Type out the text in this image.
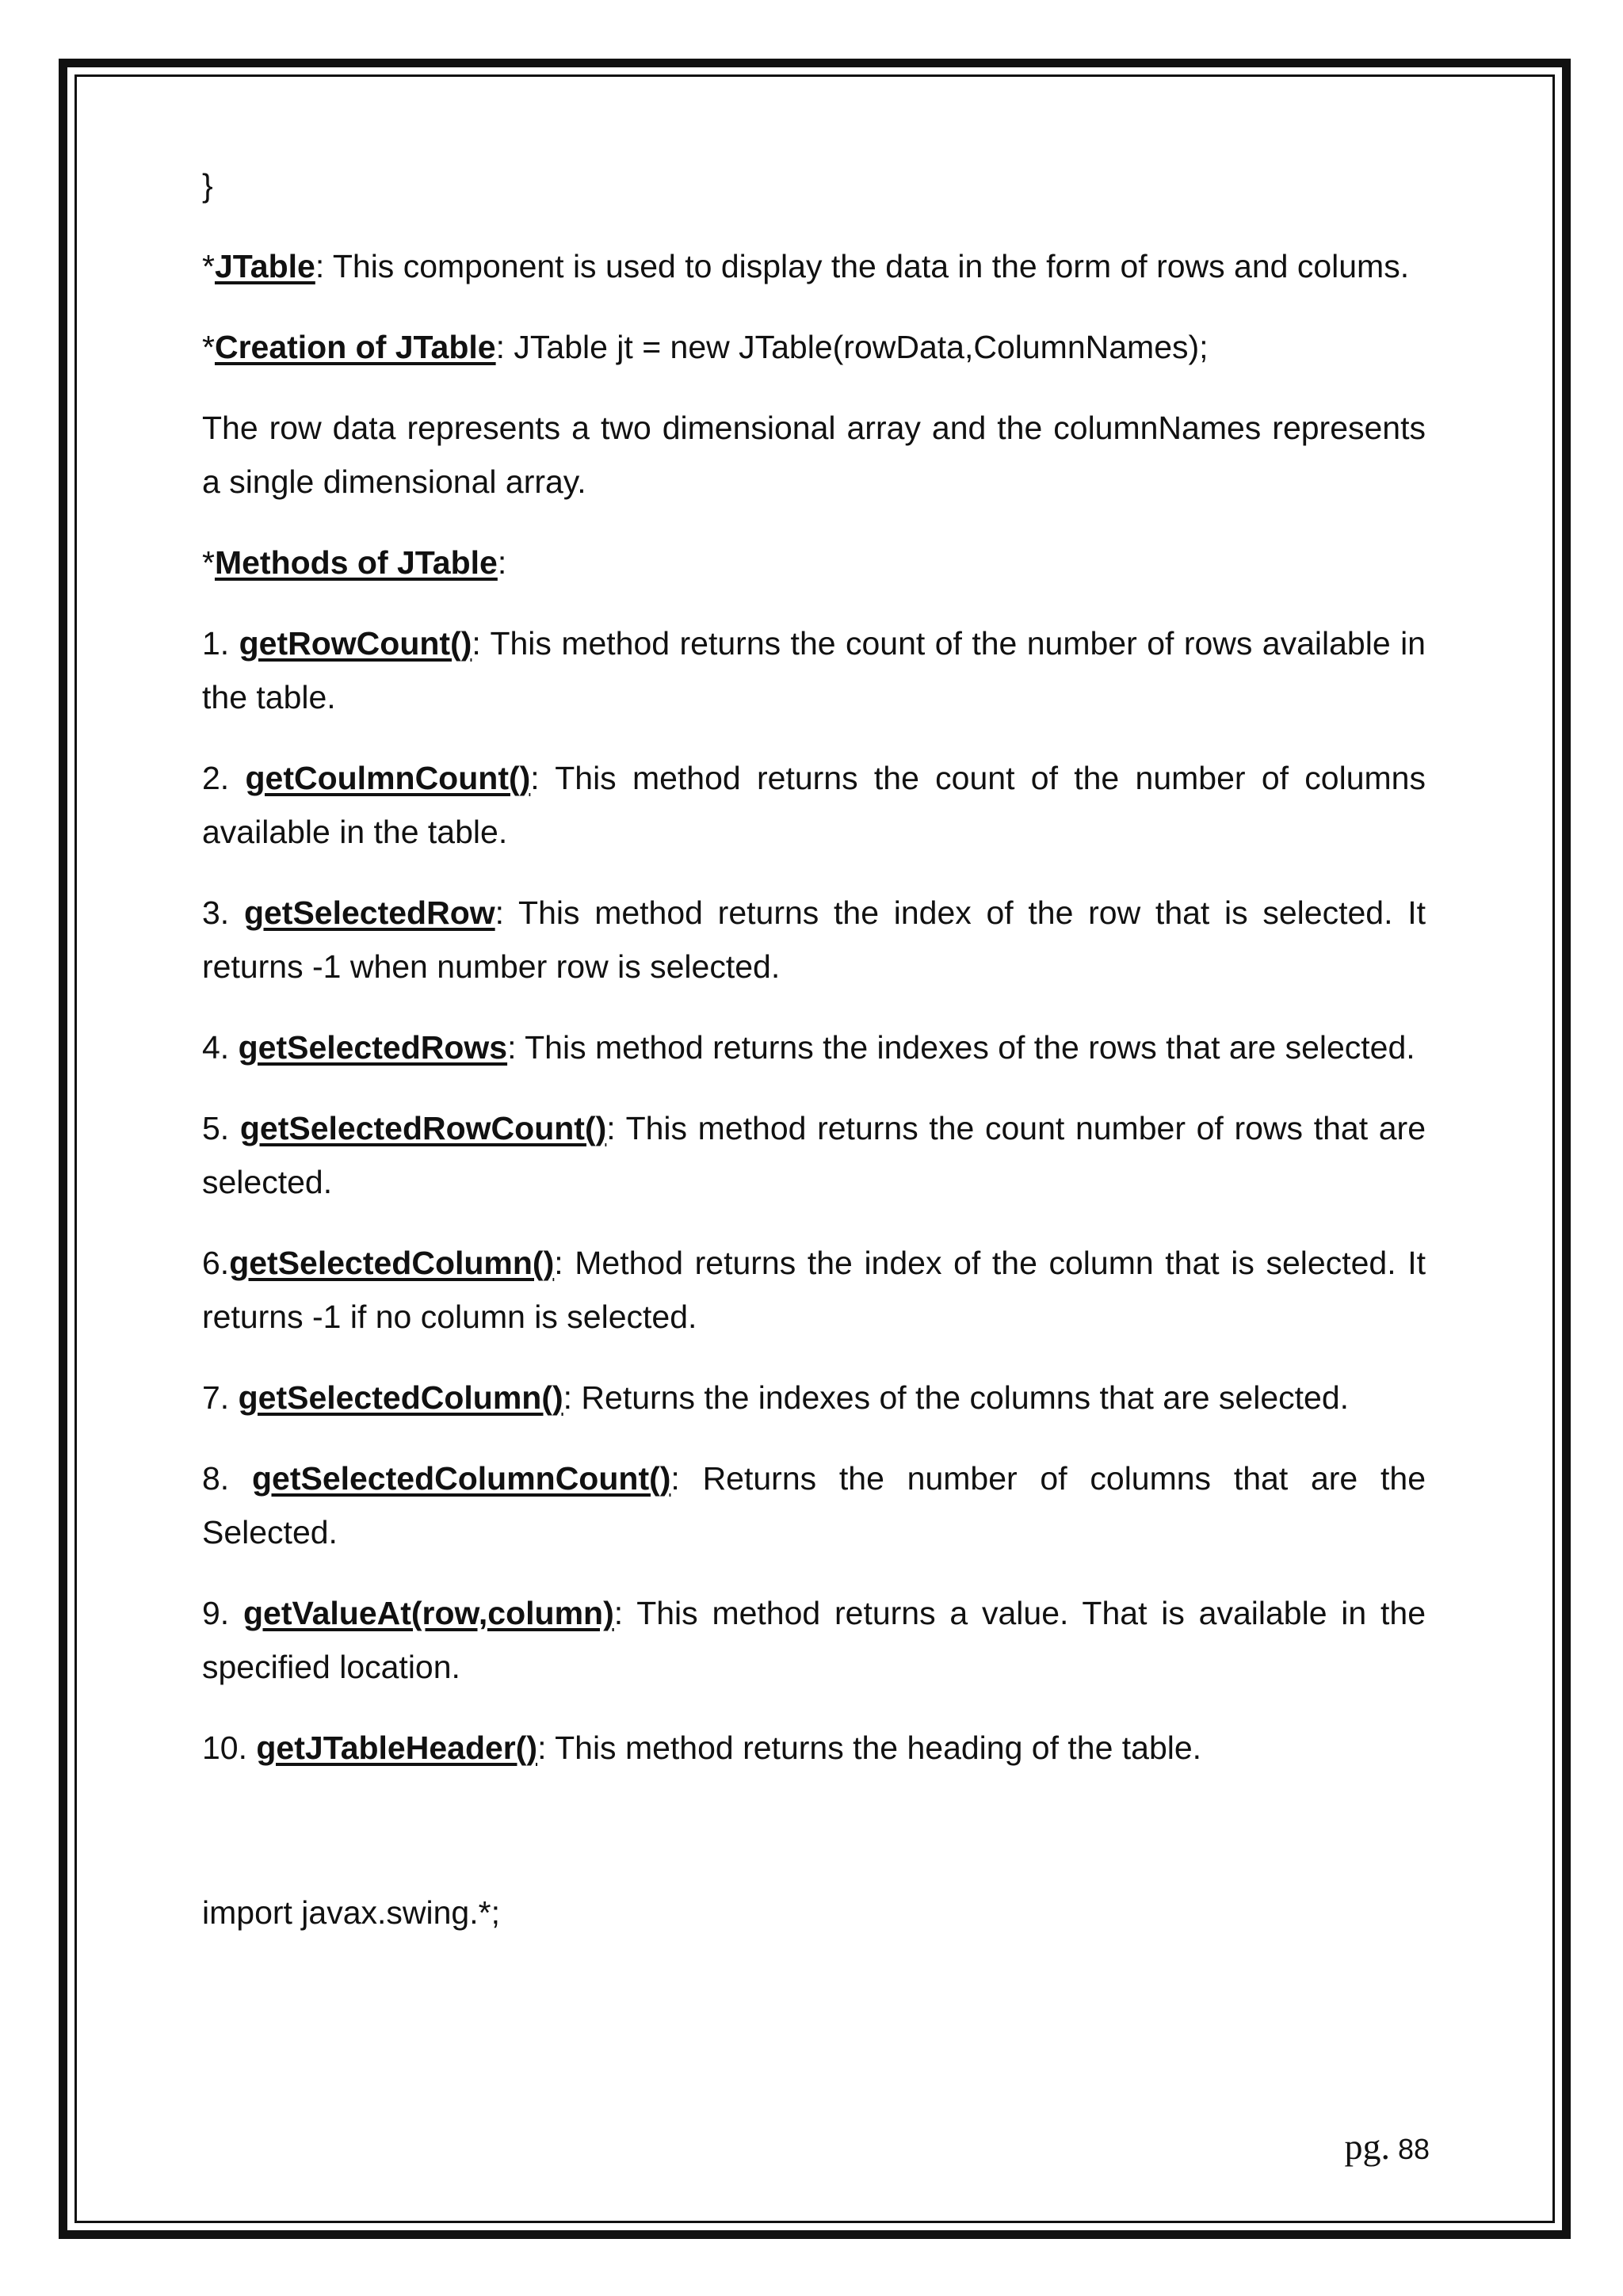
}

*JTable: This component is used to display the data in the form of rows and colums.

*Creation of JTable: JTable jt = new JTable(rowData,ColumnNames);

The row data represents a two dimensional array and the columnNames represents a single dimensional array.

*Methods of JTable:

1. getRowCount(): This method returns the count of the number of rows available in the table.

2. getCoulmnCount(): This method returns the count of the number of columns available in the table.

3. getSelectedRow: This method returns the index of the row that is selected. It returns -1 when number row is selected.

4. getSelectedRows: This method returns the indexes of the rows that are selected.

5. getSelectedRowCount(): This method returns the count number of rows that are selected.

6.getSelectedColumn(): Method returns the index of the column that is selected. It returns -1 if no column is selected.

7. getSelectedColumn(): Returns the indexes of the columns that are selected.

8. getSelectedColumnCount(): Returns the number of columns that are the Selected.

9. getValueAt(row,column): This method returns a value. That is available in the specified location.

10. getJTableHeader(): This method returns the heading of the table.

import javax.swing.*;

pg. 88
